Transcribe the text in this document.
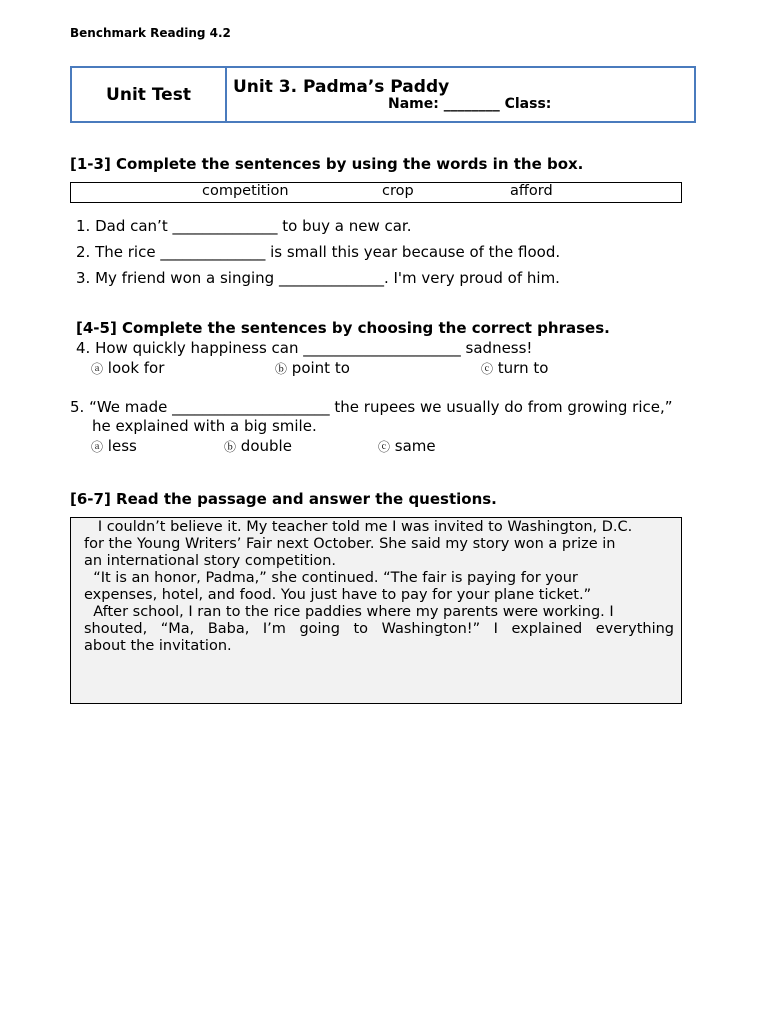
Benchmark Reading 4.2
Unit Test	Unit 3. Padma’s Paddy
Name: ________ Class:
[1-3] Complete the sentences by using the words in the box.
competition	crop	afford
1. Dad can’t ______________ to buy a new car.
2. The rice ______________ is small this year because of the flood.
3. My friend won a singing ______________. I'm very proud of him.
[4-5] Complete the sentences by choosing the correct phrases.
4. How quickly happiness can _____________________ sadness!
ⓐ look for	ⓑ point to	ⓒ turn to
5. “We made _____________________ the rupees we usually do from growing rice,”
he explained with a big smile.
ⓐ less	ⓑ double	ⓒ same
[6-7] Read the passage and answer the questions.
I couldn’t believe it. My teacher told me I was invited to Washington, D.C.
for the Young Writers’ Fair next October. She said my story won a prize in
an international story competition.
“It is an honor, Padma,” she continued. “The fair is paying for your
expenses, hotel, and food. You just have to pay for your plane ticket.”
After school, I ran to the rice paddies where my parents were working. I
shouted, “Ma, Baba, I’m going to Washington!” I explained everything
about the invitation.
